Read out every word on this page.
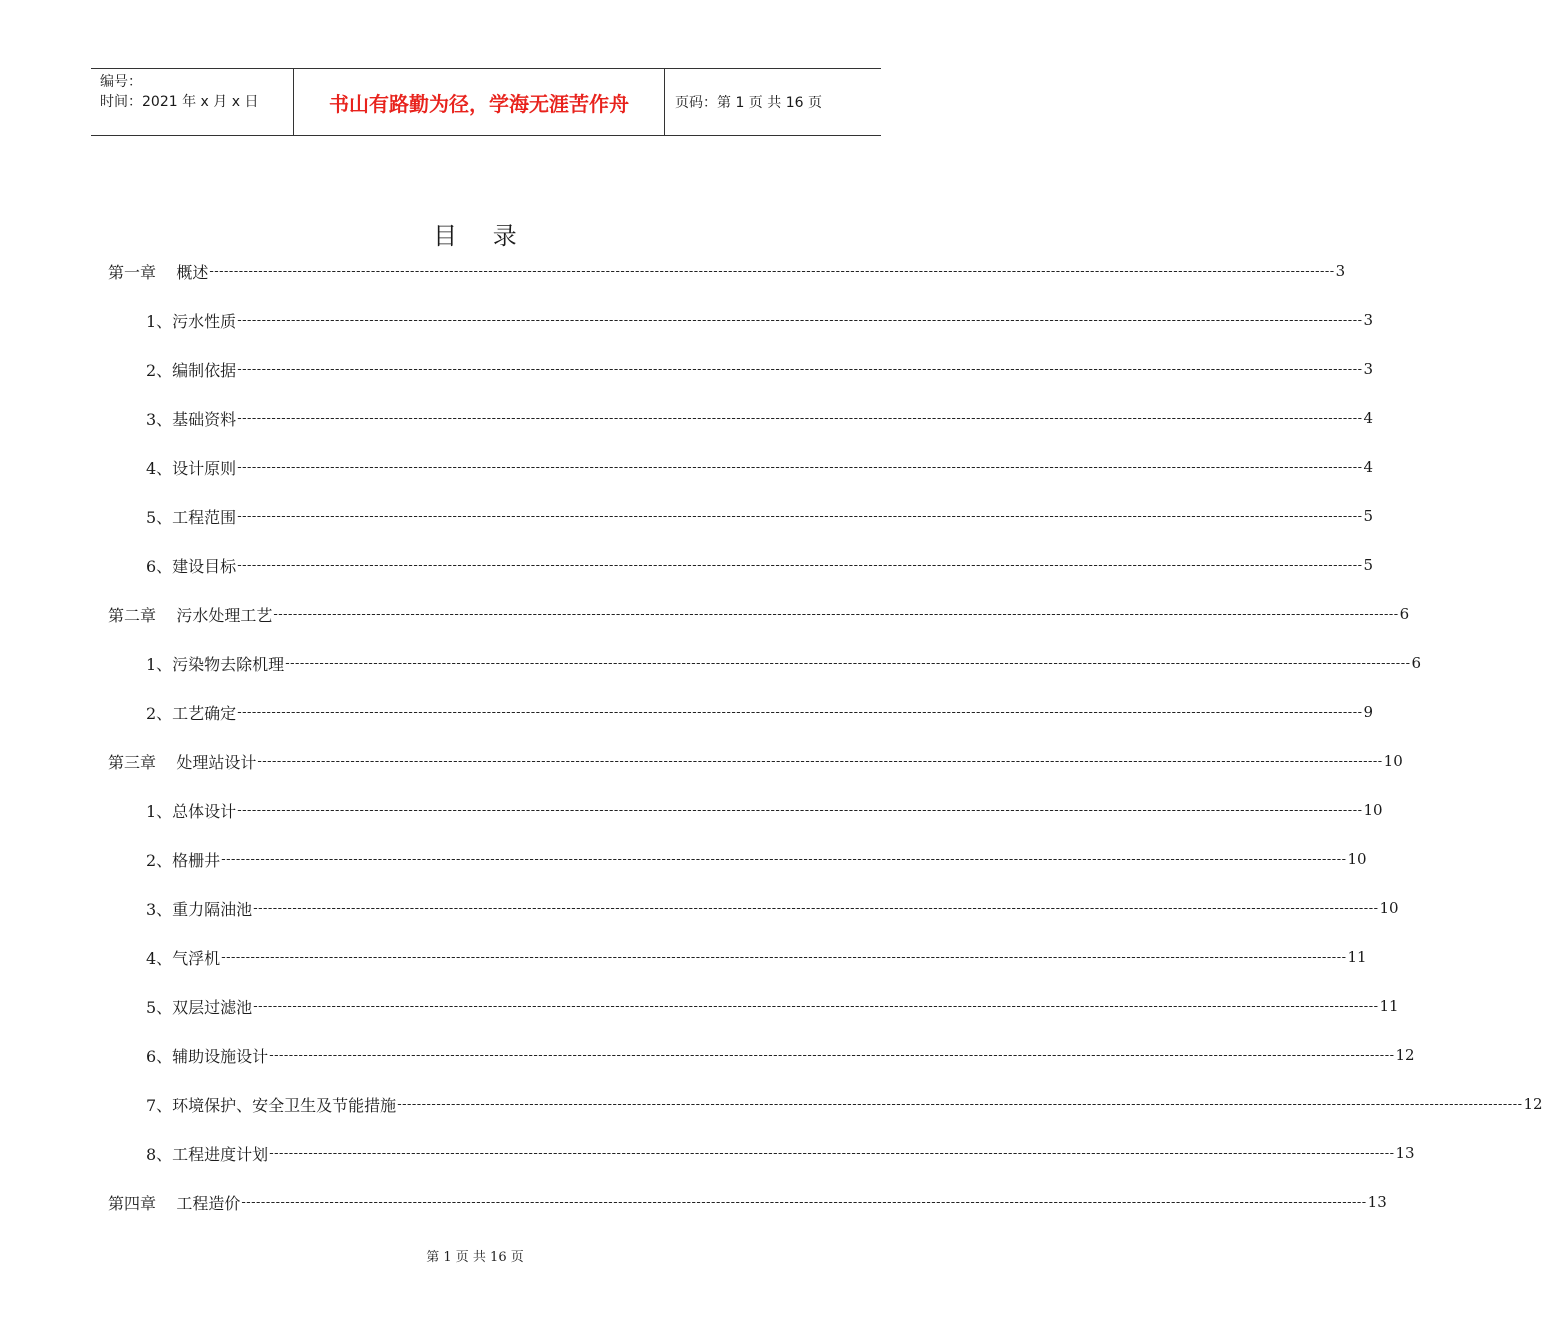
编号：
时间：2021 年 x 月 x 日	书山有路勤为径，学海无涯苦作舟	页码：第 1 页 共 16 页
目 录
第一章    概述 -------------------------------------------------------------------------------------------------------------------------------------------------------------------------------------------------------------------------------------- 3
1、污水性质 -------------------------------------------------------------------------------------------------------------------------------------------------------------------------------------------------------------------------------------- 3
2、编制依据 -------------------------------------------------------------------------------------------------------------------------------------------------------------------------------------------------------------------------------------- 3
3、基础资料 -------------------------------------------------------------------------------------------------------------------------------------------------------------------------------------------------------------------------------------- 4
4、设计原则 -------------------------------------------------------------------------------------------------------------------------------------------------------------------------------------------------------------------------------------- 4
5、工程范围 -------------------------------------------------------------------------------------------------------------------------------------------------------------------------------------------------------------------------------------- 5
6、建设目标 -------------------------------------------------------------------------------------------------------------------------------------------------------------------------------------------------------------------------------------- 5
第二章    污水处理工艺 -------------------------------------------------------------------------------------------------------------------------------------------------------------------------------------------------------------------------------------- 6
1、污染物去除机理 -------------------------------------------------------------------------------------------------------------------------------------------------------------------------------------------------------------------------------------- 6
2、工艺确定 -------------------------------------------------------------------------------------------------------------------------------------------------------------------------------------------------------------------------------------- 9
第三章    处理站设计 -------------------------------------------------------------------------------------------------------------------------------------------------------------------------------------------------------------------------------------- 10
1、总体设计 -------------------------------------------------------------------------------------------------------------------------------------------------------------------------------------------------------------------------------------- 10
2、格栅井 -------------------------------------------------------------------------------------------------------------------------------------------------------------------------------------------------------------------------------------- 10
3、重力隔油池 -------------------------------------------------------------------------------------------------------------------------------------------------------------------------------------------------------------------------------------- 10
4、气浮机 -------------------------------------------------------------------------------------------------------------------------------------------------------------------------------------------------------------------------------------- 11
5、双层过滤池 -------------------------------------------------------------------------------------------------------------------------------------------------------------------------------------------------------------------------------------- 11
6、辅助设施设计 -------------------------------------------------------------------------------------------------------------------------------------------------------------------------------------------------------------------------------------- 12
7、环境保护、安全卫生及节能措施 -------------------------------------------------------------------------------------------------------------------------------------------------------------------------------------------------------------------------------------- 12
8、工程进度计划 -------------------------------------------------------------------------------------------------------------------------------------------------------------------------------------------------------------------------------------- 13
第四章    工程造价 -------------------------------------------------------------------------------------------------------------------------------------------------------------------------------------------------------------------------------------- 13
第 1 页 共 16 页
